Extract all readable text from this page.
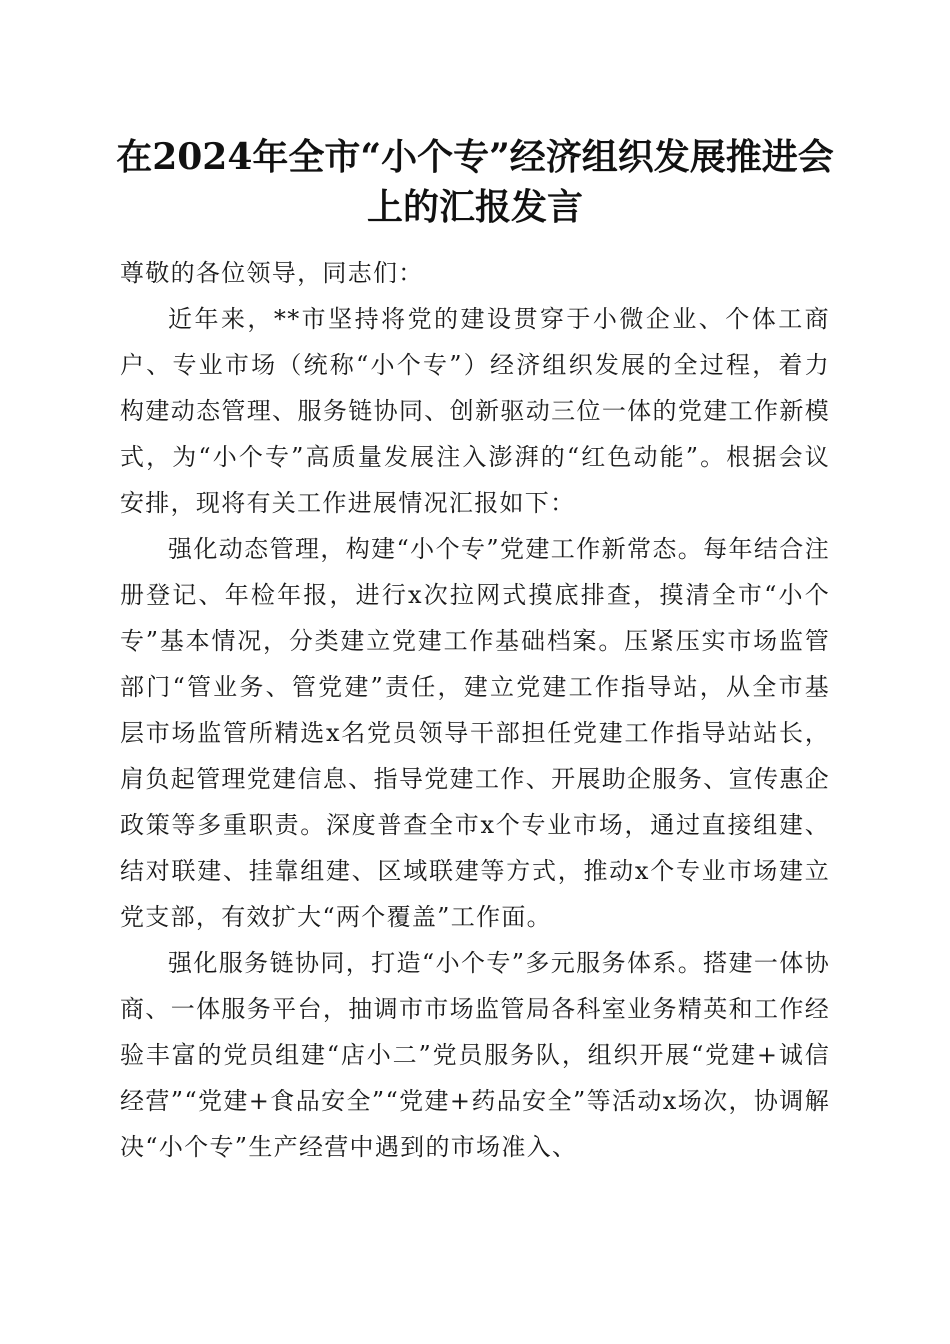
在2024年全市“小个专”经济组织发展推进会上的汇报发言

尊敬的各位领导，同志们：

近年来，**市坚持将党的建设贯穿于小微企业、个体工商户、专业市场（统称“小个专”）经济组织发展的全过程，着力构建动态管理、服务链协同、创新驱动三位一体的党建工作新模式，为“小个专”高质量发展注入澎湃的“红色动能”。根据会议安排，现将有关工作进展情况汇报如下：

强化动态管理，构建“小个专”党建工作新常态。每年结合注册登记、年检年报，进行x次拉网式摸底排查，摸清全市“小个专”基本情况，分类建立党建工作基础档案。压紧压实市场监管部门“管业务、管党建”责任，建立党建工作指导站，从全市基层市场监管所精选x名党员领导干部担任党建工作指导站站长，肩负起管理党建信息、指导党建工作、开展助企服务、宣传惠企政策等多重职责。深度普查全市x个专业市场，通过直接组建、结对联建、挂靠组建、区域联建等方式，推动x个专业市场建立党支部，有效扩大“两个覆盖”工作面。

强化服务链协同，打造“小个专”多元服务体系。搭建一体协商、一体服务平台，抽调市市场监管局各科室业务精英和工作经验丰富的党员组建“店小二”党员服务队，组织开展“党建+诚信经营”“党建+食品安全”“党建+药品安全”等活动x场次，协调解决“小个专”生产经营中遇到的市场准入、
